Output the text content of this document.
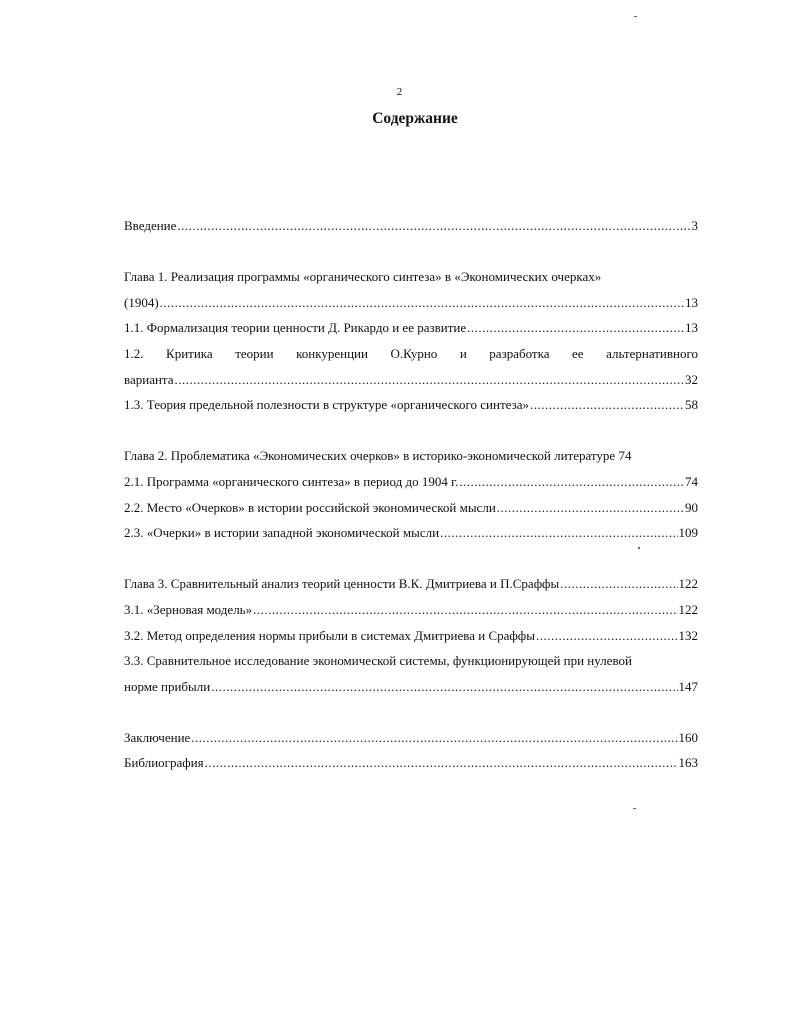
2
Содержание
Введение .....	3
Глава 1. Реализация программы «органического синтеза» в «Экономических очерках»
(1904) .....	13
1.1. Формализация теории ценности Д. Рикардо и ее развитие .....	13
1.2. Критика теории конкуренции О.Курно и разработка ее альтернативного
варианта .....	32
1.3. Теория предельной полезности в структуре «органического синтеза» .....	58
Глава 2. Проблематика «Экономических очерков» в историко-экономической литературе 74
2.1. Программа «органического синтеза» в период до 1904 г. .....	74
2.2. Место «Очерков» в истории российской экономической мысли .....	90
2.3. «Очерки» в истории западной экономической мысли .....	109
Глава 3. Сравнительный анализ теорий ценности В.К. Дмитриева и П.Сраффы .....	122
3.1. «Зерновая модель» .....	122
3.2. Метод определения нормы прибыли в системах Дмитриева и Сраффы .....	132
3.3. Сравнительное исследование экономической системы, функционирующей при нулевой
норме прибыли .....	147
Заключение .....	160
Библиография .....	163
